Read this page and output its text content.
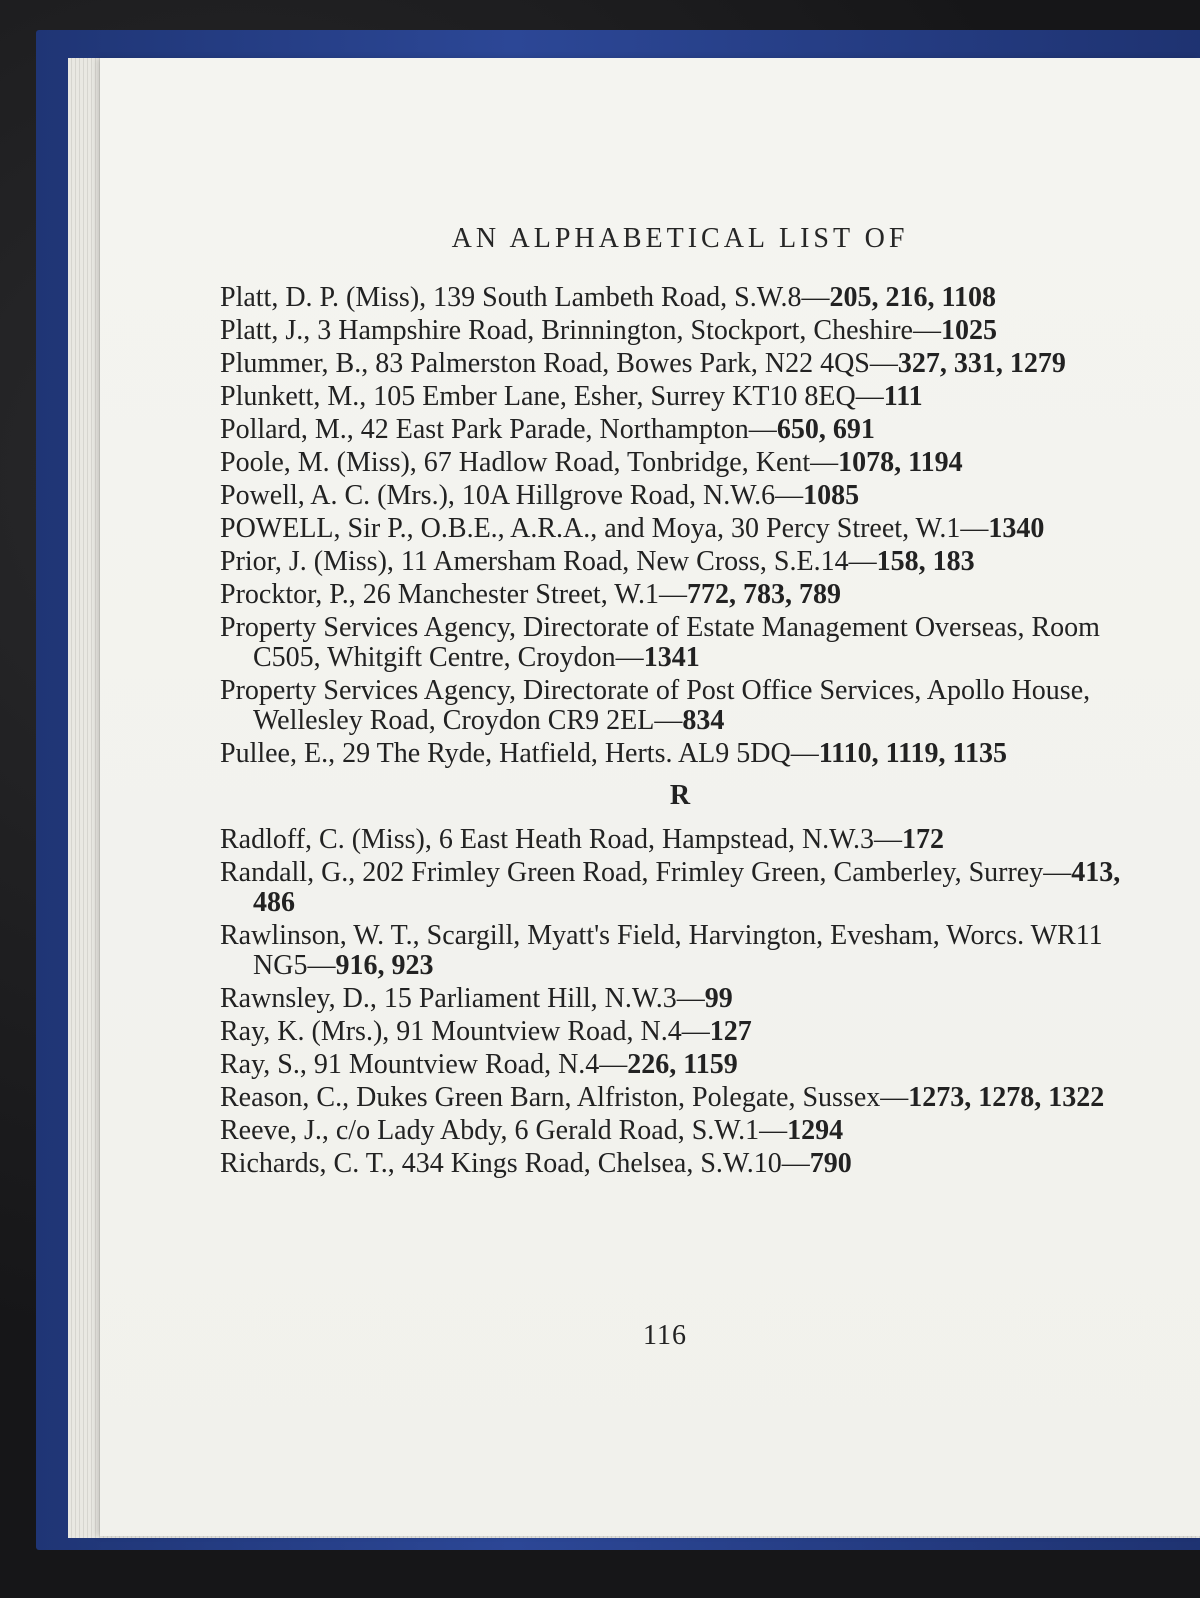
AN ALPHABETICAL LIST OF
Platt, D. P. (Miss), 139 South Lambeth Road, S.W.8—205, 216, 1108
Platt, J., 3 Hampshire Road, Brinnington, Stockport, Cheshire—1025
Plummer, B., 83 Palmerston Road, Bowes Park, N22 4QS—327, 331, 1279
Plunkett, M., 105 Ember Lane, Esher, Surrey KT10 8EQ—111
Pollard, M., 42 East Park Parade, Northampton—650, 691
Poole, M. (Miss), 67 Hadlow Road, Tonbridge, Kent—1078, 1194
Powell, A. C. (Mrs.), 10A Hillgrove Road, N.W.6—1085
POWELL, Sir P., O.B.E., A.R.A., and Moya, 30 Percy Street, W.1—1340
Prior, J. (Miss), 11 Amersham Road, New Cross, S.E.14—158, 183
Procktor, P., 26 Manchester Street, W.1—772, 783, 789
Property Services Agency, Directorate of Estate Management Overseas, Room C505, Whitgift Centre, Croydon—1341
Property Services Agency, Directorate of Post Office Services, Apollo House, Wellesley Road, Croydon CR9 2EL—834
Pullee, E., 29 The Ryde, Hatfield, Herts. AL9 5DQ—1110, 1119, 1135
R
Radloff, C. (Miss), 6 East Heath Road, Hampstead, N.W.3—172
Randall, G., 202 Frimley Green Road, Frimley Green, Camberley, Surrey—413, 486
Rawlinson, W. T., Scargill, Myatt's Field, Harvington, Evesham, Worcs. WR11 NG5—916, 923
Rawnsley, D., 15 Parliament Hill, N.W.3—99
Ray, K. (Mrs.), 91 Mountview Road, N.4—127
Ray, S., 91 Mountview Road, N.4—226, 1159
Reason, C., Dukes Green Barn, Alfriston, Polegate, Sussex—1273, 1278, 1322
Reeve, J., c/o Lady Abdy, 6 Gerald Road, S.W.1—1294
Richards, C. T., 434 Kings Road, Chelsea, S.W.10—790
116
